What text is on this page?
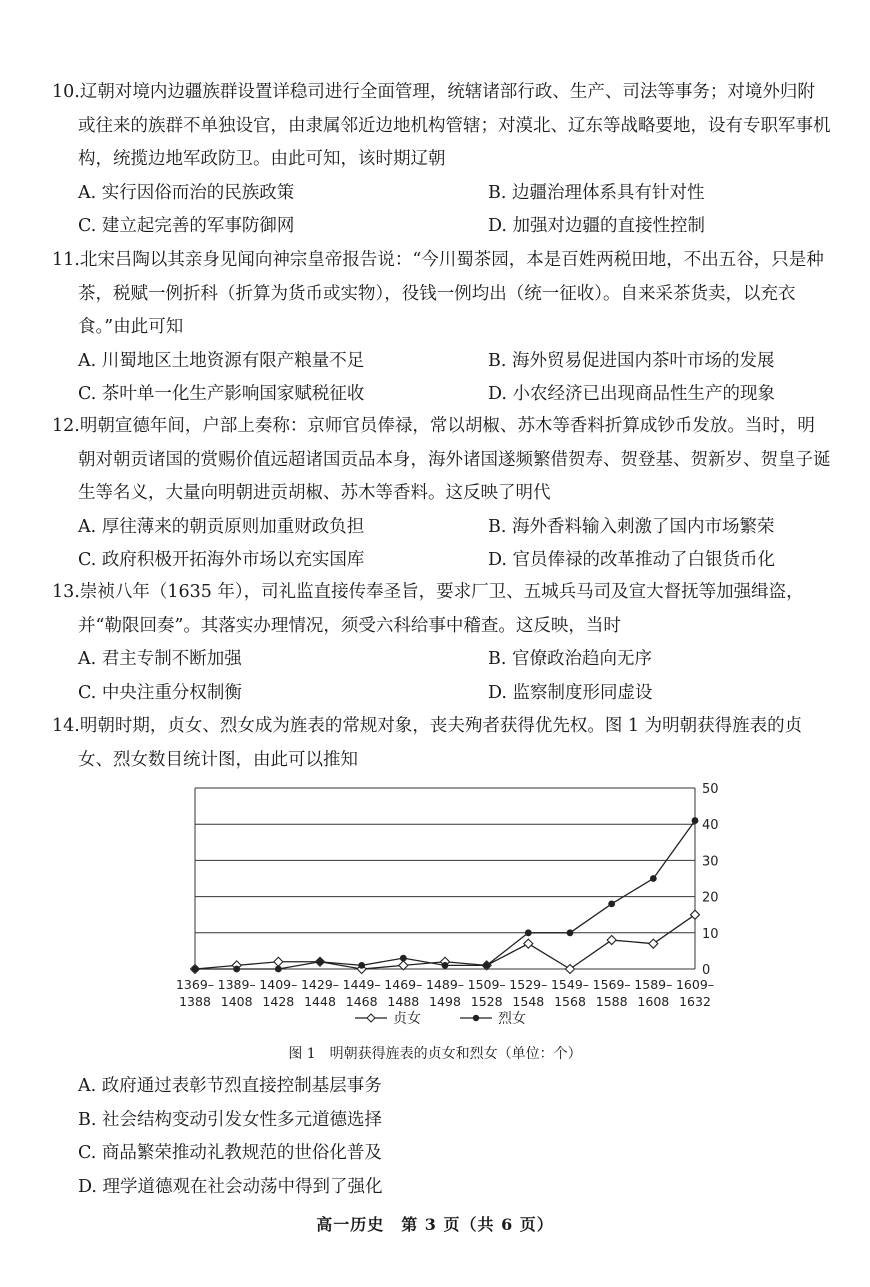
10.辽朝对境内边疆族群设置详稳司进行全面管理，统辖诸部行政、生产、司法等事务；对境外归附或往来的族群不单独设官，由隶属邻近边地机构管辖；对漠北、辽东等战略要地，设有专职军事机构，统揽边地军政防卫。由此可知，该时期辽朝

A. 实行因俗而治的民族政策	B. 边疆治理体系具有针对性
C. 建立起完善的军事防御网	D. 加强对边疆的直接性控制

11.北宋吕陶以其亲身见闻向神宗皇帝报告说：“今川蜀茶园，本是百姓两税田地，不出五谷，只是种茶，税赋一例折科（折算为货币或实物），役钱一例均出（统一征收）。自来采茶货卖，以充衣食。”由此可知

A. 川蜀地区土地资源有限产粮量不足	B. 海外贸易促进国内茶叶市场的发展
C. 茶叶单一化生产影响国家赋税征收	D. 小农经济已出现商品性生产的现象

12.明朝宣德年间，户部上奏称：京师官员俸禄，常以胡椒、苏木等香料折算成钞币发放。当时，明朝对朝贡诸国的赏赐价值远超诸国贡品本身，海外诸国遂频繁借贺寿、贺登基、贺新岁、贺皇子诞生等名义，大量向明朝进贡胡椒、苏木等香料。这反映了明代

A. 厚往薄来的朝贡原则加重财政负担	B. 海外香料输入刺激了国内市场繁荣
C. 政府积极开拓海外市场以充实国库	D. 官员俸禄的改革推动了白银货币化

13.崇祯八年（1635 年），司礼监直接传奉圣旨，要求厂卫、五城兵马司及宣大督抚等加强缉盗，并“勒限回奏”。其落实办理情况，须受六科给事中稽查。这反映，当时

A. 君主专制不断加强	B. 官僚政治趋向无序
C. 中央注重分权制衡	D. 监察制度形同虚设

14.明朝时期，贞女、烈女成为旌表的常规对象，丧夫殉者获得优先权。图 1 为明朝获得旌表的贞女、烈女数目统计图，由此可以推知

0
10
20
30
40
50
1369– 1388
1389– 1408
1409– 1428
1429– 1448
1449– 1468
1469– 1488
1489– 1498
1509– 1528
1529– 1548
1549– 1568
1569– 1588
1589– 1608
1609– 1632
贞女	烈女
图 1　明朝获得旌表的贞女和烈女（单位：个）
A. 政府通过表彰节烈直接控制基层事务
B. 社会结构变动引发女性多元道德选择
C. 商品繁荣推动礼教规范的世俗化普及
D. 理学道德观在社会动荡中得到了强化
高一历史　第 3 页（共 6 页）
